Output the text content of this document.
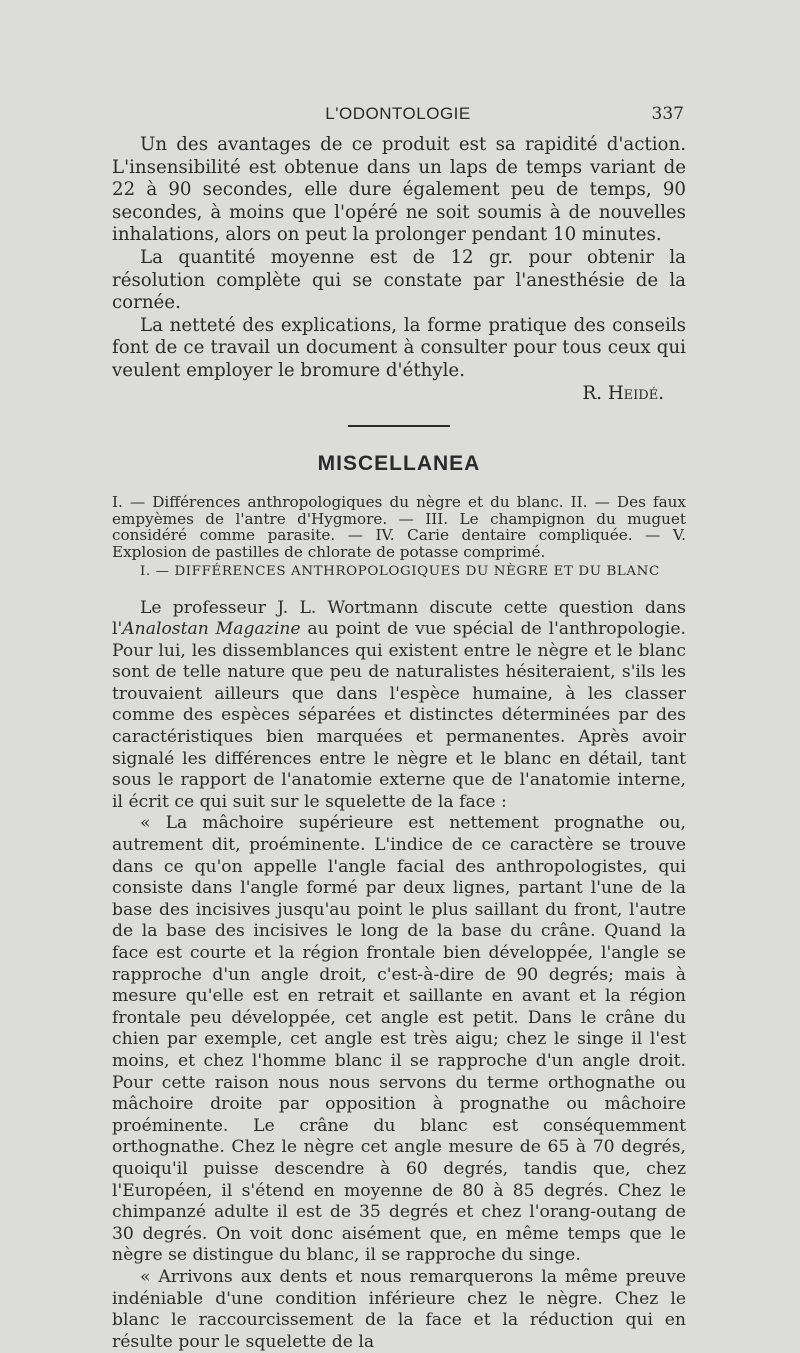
L'ODONTOLOGIE	337

Un des avantages de ce produit est sa rapidité d'action. L'insensibilité est obtenue dans un laps de temps variant de 22 à 90 secondes, elle dure également peu de temps, 90 secondes, à moins que l'opéré ne soit soumis à de nouvelles inhalations, alors on peut la prolonger pendant 10 minutes.

La quantité moyenne est de 12 gr. pour obtenir la résolution complète qui se constate par l'anesthésie de la cornée.

La netteté des explications, la forme pratique des conseils font de ce travail un document à consulter pour tous ceux qui veulent employer le bromure d'éthyle.

R. Heidé.

MISCELLANEA

I. — Différences anthropologiques du nègre et du blanc. II. — Des faux empyèmes de l'antre d'Hygmore. — III. Le champignon du muguet considéré comme parasite. — IV. Carie dentaire compliquée. — V. Explosion de pastilles de chlorate de potasse comprimé.

I. — DIFFÉRENCES ANTHROPOLOGIQUES DU NÈGRE ET DU BLANC

Le professeur J. L. Wortmann discute cette question dans l'Analostan Magazine au point de vue spécial de l'anthropologie. Pour lui, les dissemblances qui existent entre le nègre et le blanc sont de telle nature que peu de naturalistes hésiteraient, s'ils les trouvaient ailleurs que dans l'espèce humaine, à les classer comme des espèces séparées et distinctes déterminées par des caractéristiques bien marquées et permanentes. Après avoir signalé les différences entre le nègre et le blanc en détail, tant sous le rapport de l'anatomie externe que de l'anatomie interne, il écrit ce qui suit sur le squelette de la face :

« La mâchoire supérieure est nettement prognathe ou, autrement dit, proéminente. L'indice de ce caractère se trouve dans ce qu'on appelle l'angle facial des anthropologistes, qui consiste dans l'angle formé par deux lignes, partant l'une de la base des incisives jusqu'au point le plus saillant du front, l'autre de la base des incisives le long de la base du crâne. Quand la face est courte et la région frontale bien développée, l'angle se rapproche d'un angle droit, c'est-à-dire de 90 degrés; mais à mesure qu'elle est en retrait et saillante en avant et la région frontale peu développée, cet angle est petit. Dans le crâne du chien par exemple, cet angle est très aigu; chez le singe il l'est moins, et chez l'homme blanc il se rapproche d'un angle droit. Pour cette raison nous nous servons du terme orthognathe ou mâchoire droite par opposition à prognathe ou mâchoire proéminente. Le crâne du blanc est conséquemment orthognathe. Chez le nègre cet angle mesure de 65 à 70 degrés, quoiqu'il puisse descendre à 60 degrés, tandis que, chez l'Européen, il s'étend en moyenne de 80 à 85 degrés. Chez le chimpanzé adulte il est de 35 degrés et chez l'orang-outang de 30 degrés. On voit donc aisément que, en même temps que le nègre se distingue du blanc, il se rapproche du singe.

« Arrivons aux dents et nous remarquerons la même preuve indéniable d'une condition inférieure chez le nègre. Chez le blanc le raccourcissement de la face et la réduction qui en résulte pour le squelette de la
